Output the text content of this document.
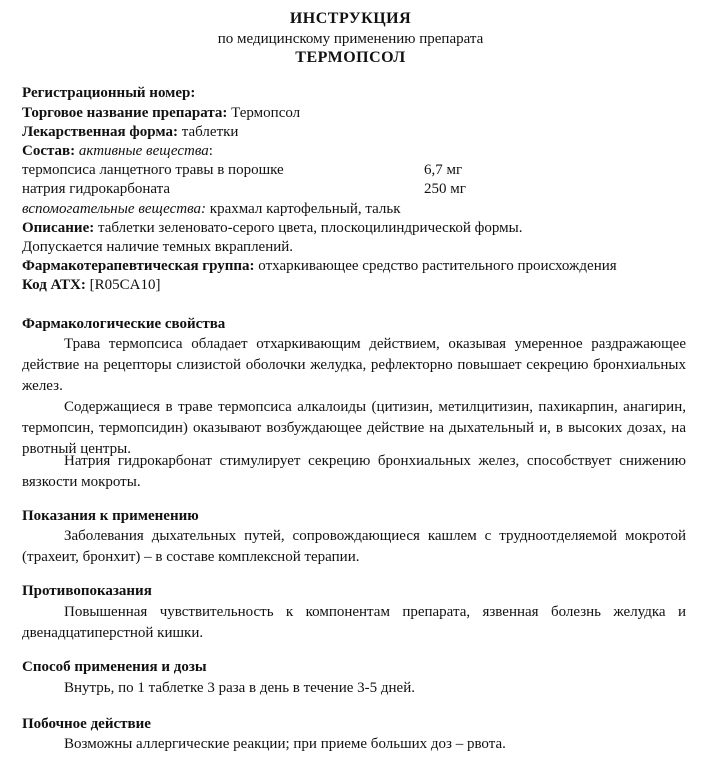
ИНСТРУКЦИЯ
по медицинскому применению препарата
ТЕРМОПСОЛ
Регистрационный номер:
Торговое название препарата: Термопсол
Лекарственная форма: таблетки
Состав: активные вещества:
термопсиса ланцетного травы в порошке	6,7 мг
натрия гидрокарбоната	250 мг
вспомогательные вещества: крахмал картофельный, тальк
Описание: таблетки зеленовато-серого цвета, плоскоцилиндрической формы.
Допускается наличие темных вкраплений.
Фармакотерапевтическая группа: отхаркивающее средство растительного происхождения
Код АТХ: [R05CA10]
Фармакологические свойства
Трава термопсиса обладает отхаркивающим действием, оказывая умеренное раздражающее действие на рецепторы слизистой оболочки желудка, рефлекторно повышает секрецию бронхиальных желез.
Содержащиеся в траве термопсиса алкалоиды (цитизин, метилцитизин, пахикарпин, анагирин, термопсин, термопсидин) оказывают возбуждающее действие на дыхательный и, в высоких дозах, на рвотный центры.
Натрия гидрокарбонат стимулирует секрецию бронхиальных желез, способствует снижению вязкости мокроты.
Показания к применению
Заболевания дыхательных путей, сопровождающиеся кашлем с трудноотделяемой мокротой (трахеит, бронхит) – в составе комплексной терапии.
Противопоказания
Повышенная чувствительность к компонентам препарата, язвенная болезнь желудка и двенадцатиперстной кишки.
Способ применения и дозы
Внутрь, по 1 таблетке 3 раза в день в течение 3-5 дней.
Побочное действие
Возможны аллергические реакции; при приеме больших доз – рвота.
